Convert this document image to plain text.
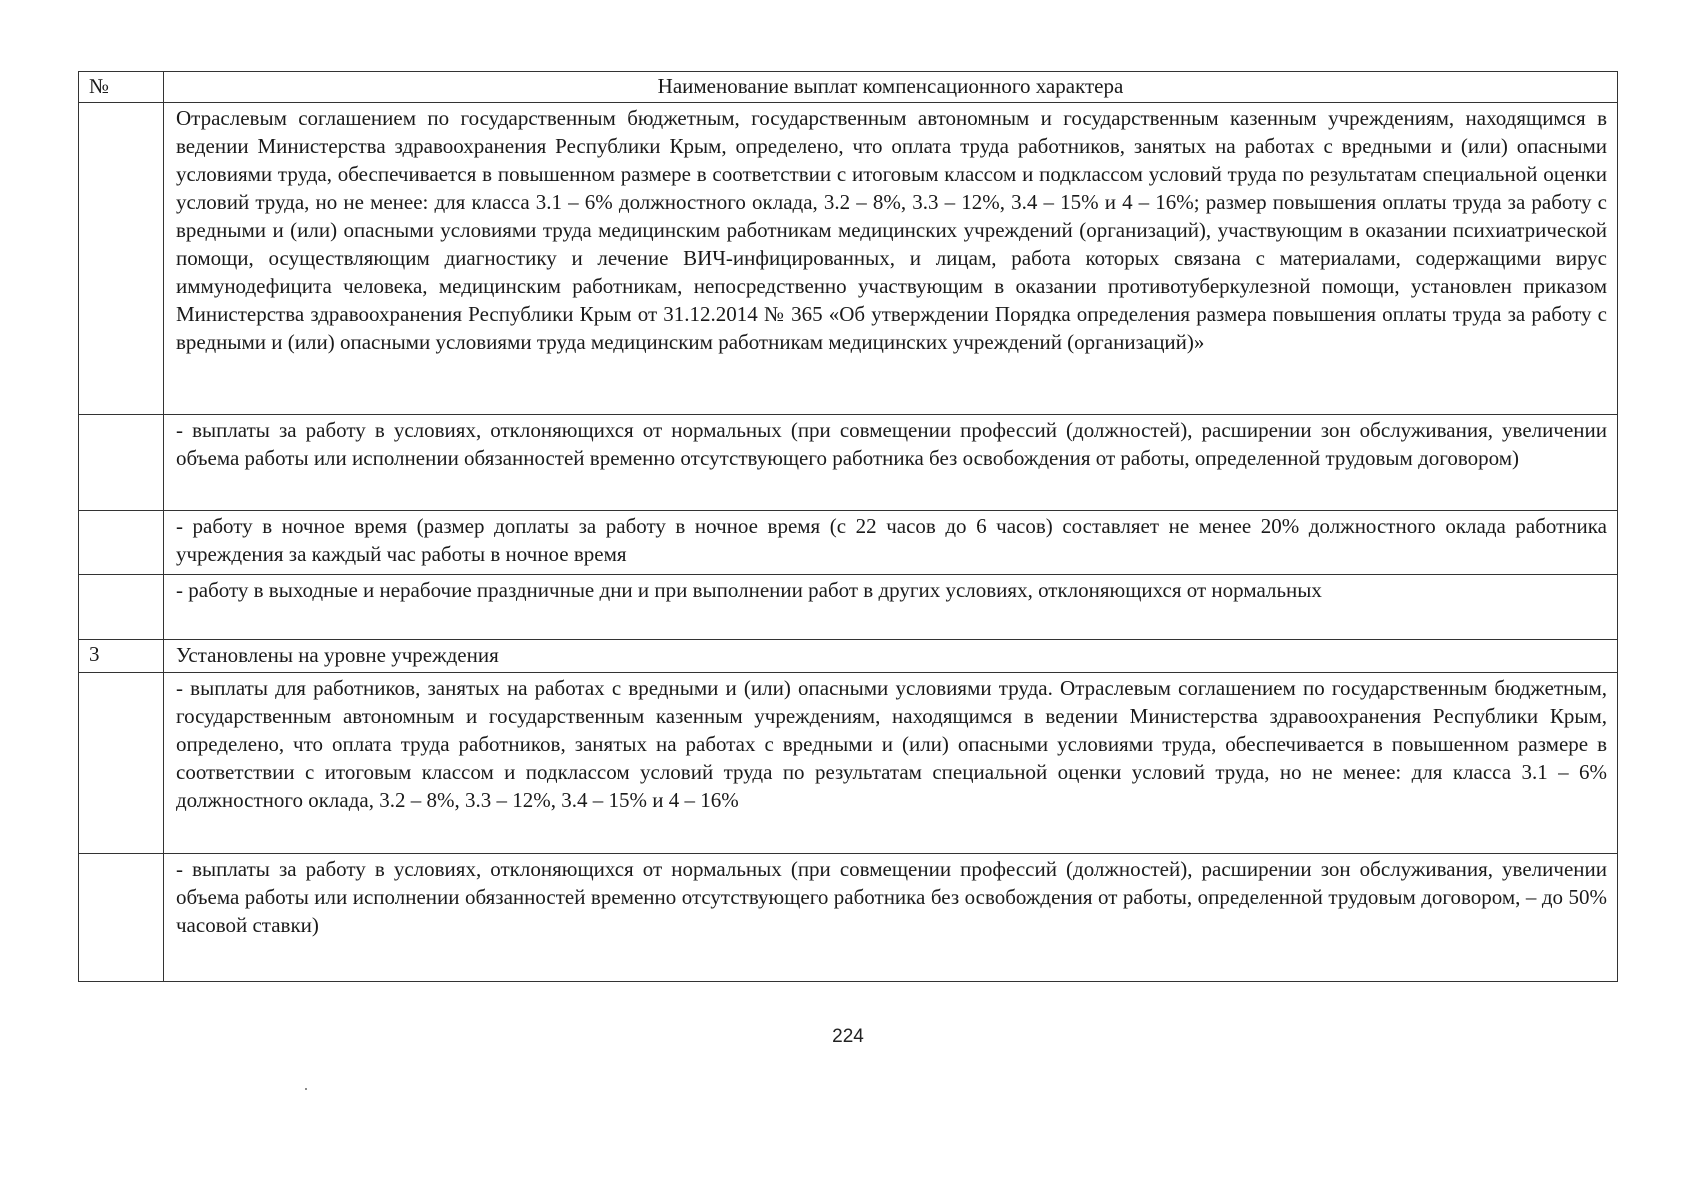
№	Наименование выплат компенсационного характера
	Отраслевым соглашением по государственным бюджетным, государственным автономным и государственным казенным учреждениям, находящимся в ведении Министерства здравоохранения Республики Крым, определено, что оплата труда работников, занятых на работах с вредными и (или) опасными условиями труда, обеспечивается в повышенном размере в соответствии с итоговым классом и подклассом условий труда по результатам специальной оценки условий труда, но не менее: для класса 3.1 – 6% должностного оклада, 3.2 – 8%, 3.3 – 12%, 3.4 – 15% и 4 – 16%; размер повышения оплаты труда за работу с вредными и (или) опасными условиями труда медицинским работникам медицинских учреждений (организаций), участвующим в оказании психиатрической помощи, осуществляющим диагностику и лечение ВИЧ-инфицированных, и лицам, работа которых связана с материалами, содержащими вирус иммунодефицита человека, медицинским работникам, непосредственно участвующим в оказании противотуберкулезной помощи, установлен приказом Министерства здравоохранения Республики Крым от 31.12.2014 № 365 «Об утверждении Порядка определения размера повышения оплаты труда за работу с вредными и (или) опасными условиями труда медицинским работникам медицинских учреждений (организаций)»
	- выплаты за работу в условиях, отклоняющихся от нормальных (при совмещении профессий (должностей), расширении зон обслуживания, увеличении объема работы или исполнении обязанностей временно отсутствующего работника без освобождения от работы, определенной трудовым договором)
	- работу в ночное время (размер доплаты за работу в ночное время (с 22 часов до 6 часов) составляет не менее 20% должностного оклада работника учреждения за каждый час работы в ночное время
	- работу в выходные и нерабочие праздничные дни и при выполнении работ в других условиях, отклоняющихся от нормальных
3	Установлены на уровне учреждения
	- выплаты для работников, занятых на работах с вредными и (или) опасными условиями труда. Отраслевым соглашением по государственным бюджетным, государственным автономным и государственным казенным учреждениям, находящимся в ведении Министерства здравоохранения Республики Крым, определено, что оплата труда работников, занятых на работах с вредными и (или) опасными условиями труда, обеспечивается в повышенном размере в соответствии с итоговым классом и подклассом условий труда по результатам специальной оценки условий труда, но не менее: для класса 3.1 – 6% должностного оклада, 3.2 – 8%, 3.3 – 12%, 3.4 – 15% и 4 – 16%
	- выплаты за работу в условиях, отклоняющихся от нормальных (при совмещении профессий (должностей), расширении зон обслуживания, увеличении объема работы или исполнении обязанностей временно отсутствующего работника без освобождения от работы, определенной трудовым договором, – до 50% часовой ставки)
224
